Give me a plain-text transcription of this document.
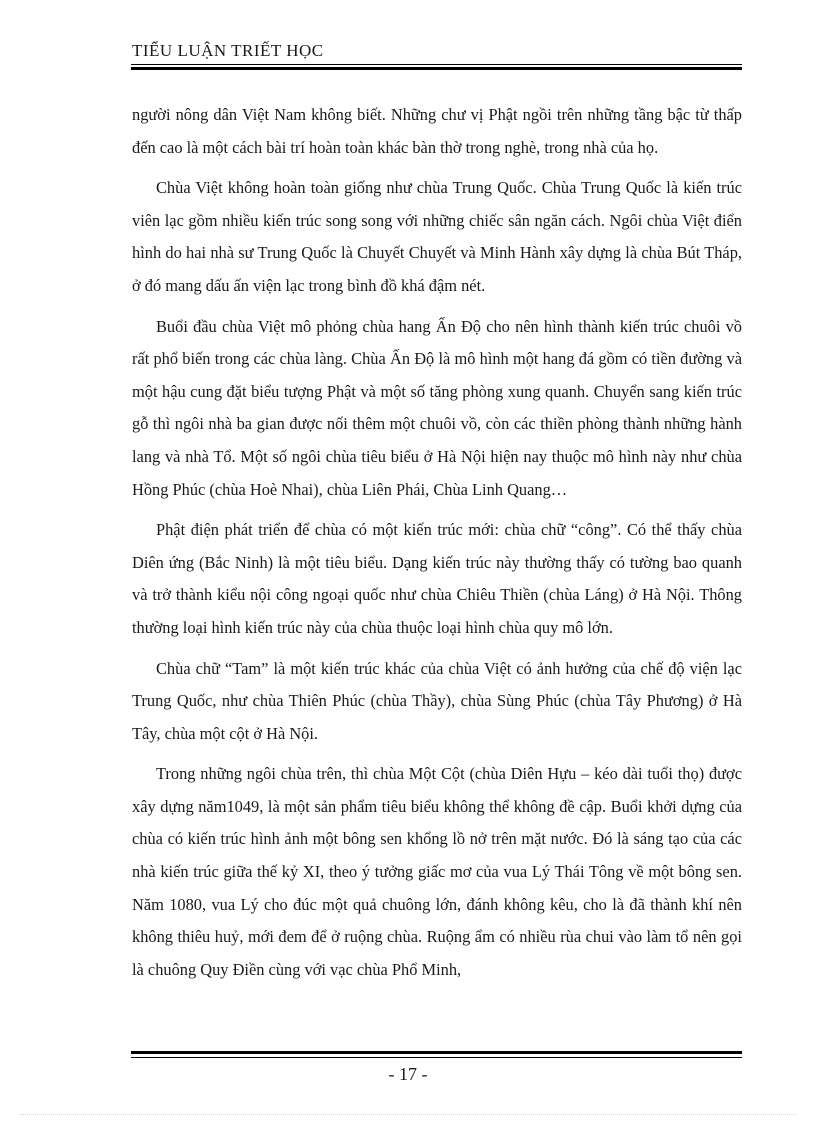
TIỂU LUẬN TRIẾT HỌC

người nông dân Việt Nam không biết. Những chư vị Phật ngồi trên những tầng bậc từ thấp đến cao là một cách bài trí hoàn toàn khác bàn thờ trong nghè, trong nhà của họ.

Chùa Việt không hoàn toàn giống như chùa Trung Quốc. Chùa Trung Quốc là kiến trúc viên lạc gồm nhiều kiến trúc song song với những chiếc sân ngăn cách. Ngôi chùa Việt điển hình do hai nhà sư Trung Quốc là Chuyết Chuyết và Minh Hành xây dựng là chùa Bút Tháp, ở đó mang dấu ấn viện lạc trong bình đồ khá đậm nét.

Buổi đầu chùa Việt mô phỏng chùa hang Ấn Độ cho nên hình thành kiến trúc chuôi vồ rất phổ biến trong các chùa làng. Chùa Ấn Độ là mô hình một hang đá gồm có tiền đường và một hậu cung đặt biểu tượng Phật và một số tăng phòng xung quanh. Chuyển sang kiến trúc gỗ thì ngôi nhà ba gian được nối thêm một chuôi vồ, còn các thiền phòng thành những hành lang và nhà Tổ. Một số ngôi chùa tiêu biểu ở Hà Nội hiện nay thuộc mô hình này như chùa Hồng Phúc (chùa Hoè Nhai), chùa Liên Phái, Chùa Linh Quang…

Phật điện phát triển để chùa có một kiến trúc mới: chùa chữ “công”. Có thể thấy chùa Diên ứng (Bắc Ninh) là một tiêu biểu. Dạng kiến trúc này thường thấy có tường bao quanh và trở thành kiểu nội công ngoại quốc như chùa Chiêu Thiền (chùa Láng) ở Hà Nội. Thông thường loại hình kiến trúc này của chùa thuộc loại hình chùa quy mô lớn.

Chùa chữ “Tam” là một kiến trúc khác của chùa Việt có ảnh hưởng của chế độ viện lạc Trung Quốc, như chùa Thiên Phúc (chùa Thầy), chùa Sùng Phúc (chùa Tây Phương) ở Hà Tây, chùa một cột ở Hà Nội.

Trong những ngôi chùa trên, thì chùa Một Cột (chùa Diên Hựu – kéo dài tuổi thọ) được xây dựng năm1049, là một sản phẩm tiêu biểu không thể không đề cập. Buổi khởi dựng của chùa có kiến trúc hình ảnh một bông sen khổng lồ nở trên mặt nước. Đó là sáng tạo của các nhà kiến trúc giữa thế kỷ XI, theo ý tưởng giấc mơ của vua Lý Thái Tông về một bông sen. Năm 1080, vua Lý cho đúc một quả chuông lớn, đánh không kêu, cho là đã thành khí nên không thiêu huỷ, mới đem để ở ruộng chùa. Ruộng ẩm có nhiều rùa chui vào làm tổ nên gọi là chuông Quy Điền cùng với vạc chùa Phổ Minh,

- 17 -
